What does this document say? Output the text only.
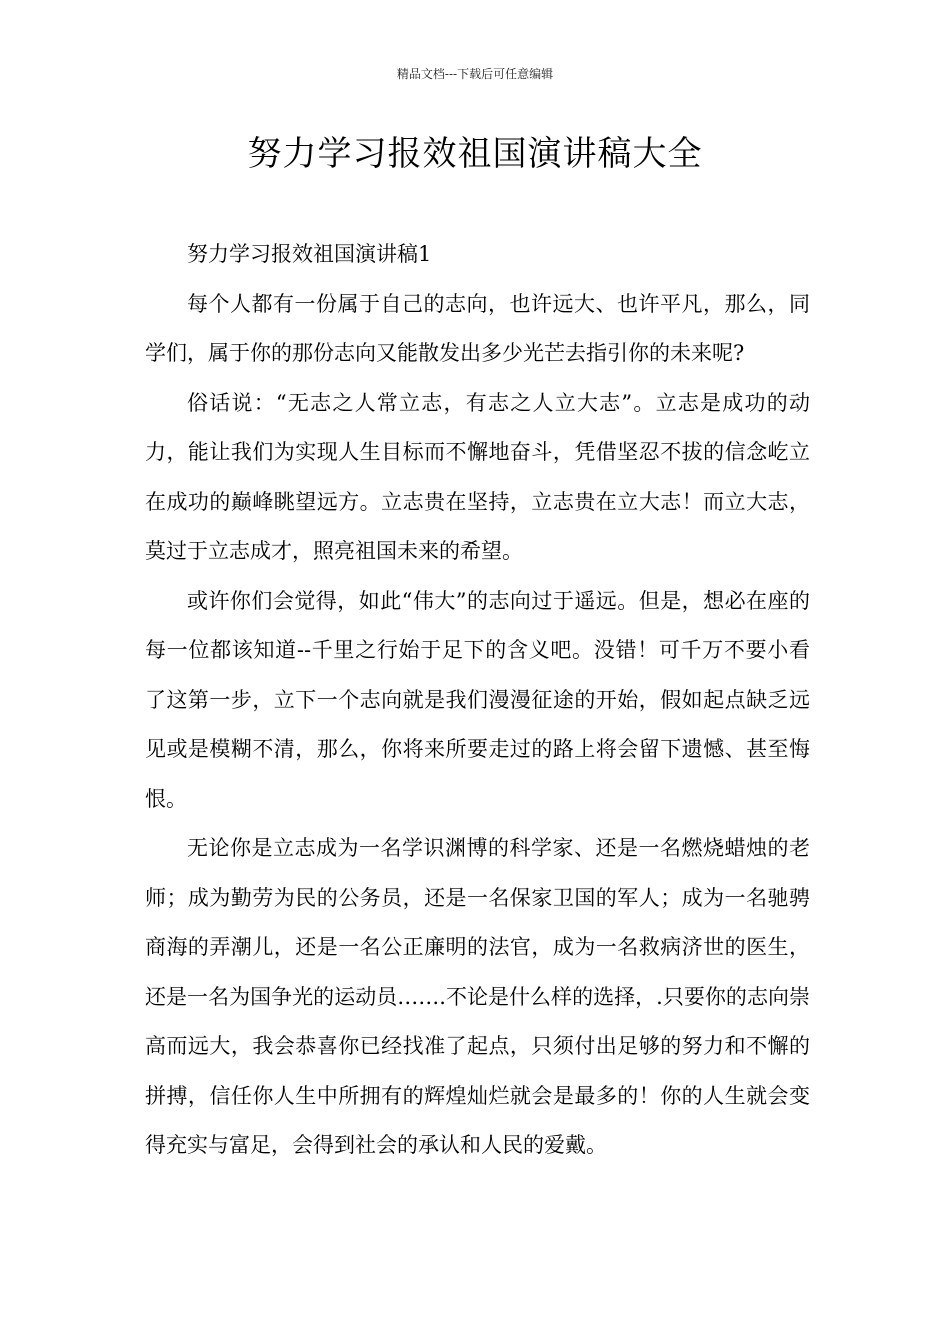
精品文档---下载后可任意编辑
努力学习报效祖国演讲稿大全

努力学习报效祖国演讲稿1

每个人都有一份属于自己的志向，也许远大、也许平凡，那么，同学们，属于你的那份志向又能散发出多少光芒去指引你的未来呢?

俗话说：“无志之人常立志，有志之人立大志”。立志是成功的动力，能让我们为实现人生目标而不懈地奋斗，凭借坚忍不拔的信念屹立在成功的巅峰眺望远方。立志贵在坚持，立志贵在立大志！而立大志，莫过于立志成才，照亮祖国未来的希望。

或许你们会觉得，如此“伟大”的志向过于遥远。但是，想必在座的每一位都该知道--千里之行始于足下的含义吧。没错！可千万不要小看了这第一步，立下一个志向就是我们漫漫征途的开始，假如起点缺乏远见或是模糊不清，那么，你将来所要走过的路上将会留下遗憾、甚至悔恨。

无论你是立志成为一名学识渊博的科学家、还是一名燃烧蜡烛的老师；成为勤劳为民的公务员，还是一名保家卫国的军人；成为一名驰骋商海的弄潮儿，还是一名公正廉明的法官，成为一名救病济世的医生，还是一名为国争光的运动员…….不论是什么样的选择，.只要你的志向崇高而远大，我会恭喜你已经找准了起点，只须付出足够的努力和不懈的拼搏，信任你人生中所拥有的辉煌灿烂就会是最多的！你的人生就会变得充实与富足，会得到社会的承认和人民的爱戴。
